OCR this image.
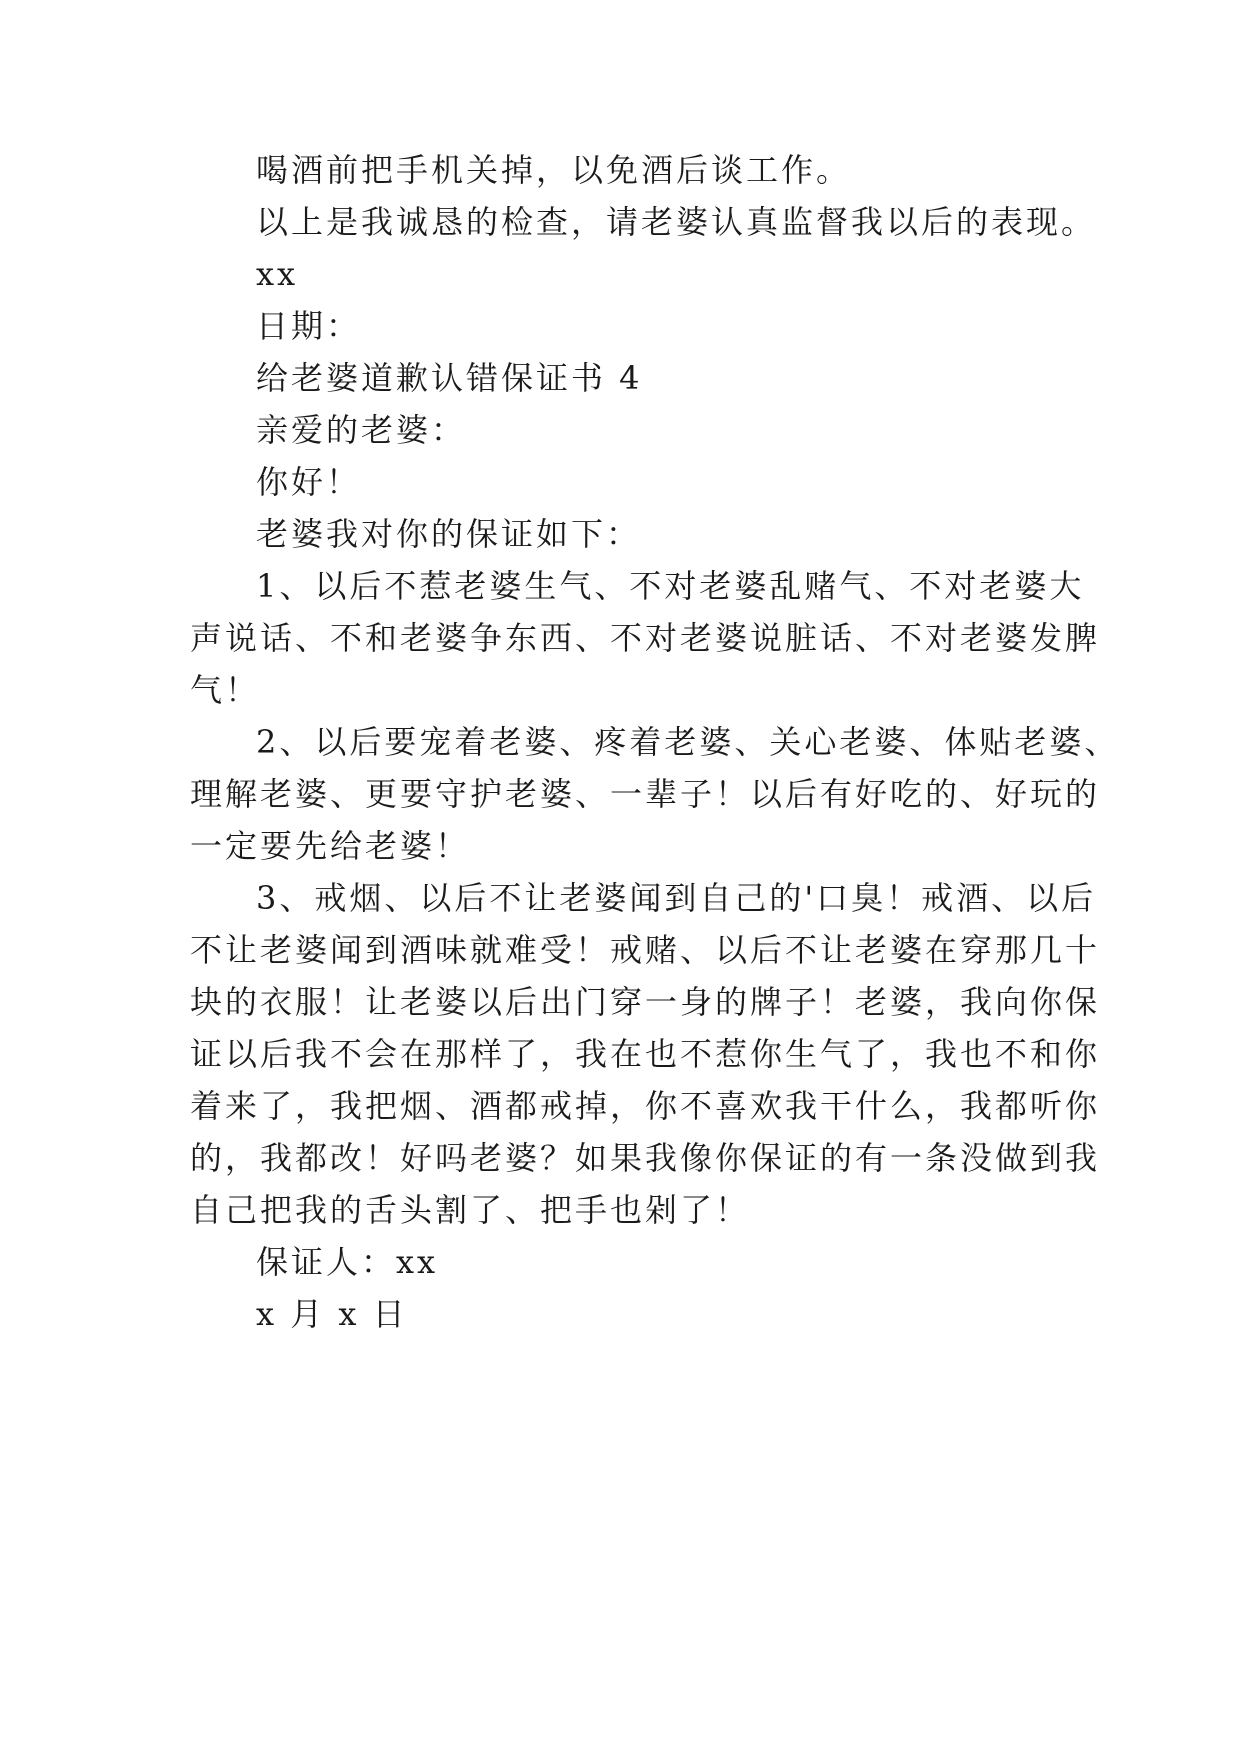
喝酒前把手机关掉，以免酒后谈工作。
以上是我诚恳的检查，请老婆认真监督我以后的表现。
xx
日期：
给老婆道歉认错保证书 4
亲爱的老婆：
你好！
老婆我对你的保证如下：
1、以后不惹老婆生气、不对老婆乱赌气、不对老婆大
声说话、不和老婆争东西、不对老婆说脏话、不对老婆发脾
气！
2、以后要宠着老婆、疼着老婆、关心老婆、体贴老婆、
理解老婆、更要守护老婆、一辈子！以后有好吃的、好玩的
一定要先给老婆！
3、戒烟、以后不让老婆闻到自己的'口臭！戒酒、以后
不让老婆闻到酒味就难受！戒赌、以后不让老婆在穿那几十
块的衣服！让老婆以后出门穿一身的牌子！老婆，我向你保
证以后我不会在那样了，我在也不惹你生气了，我也不和你
着来了，我把烟、酒都戒掉，你不喜欢我干什么，我都听你
的，我都改！好吗老婆？如果我像你保证的有一条没做到我
自己把我的舌头割了、把手也剁了！
保证人：xx
x 月 x 日
